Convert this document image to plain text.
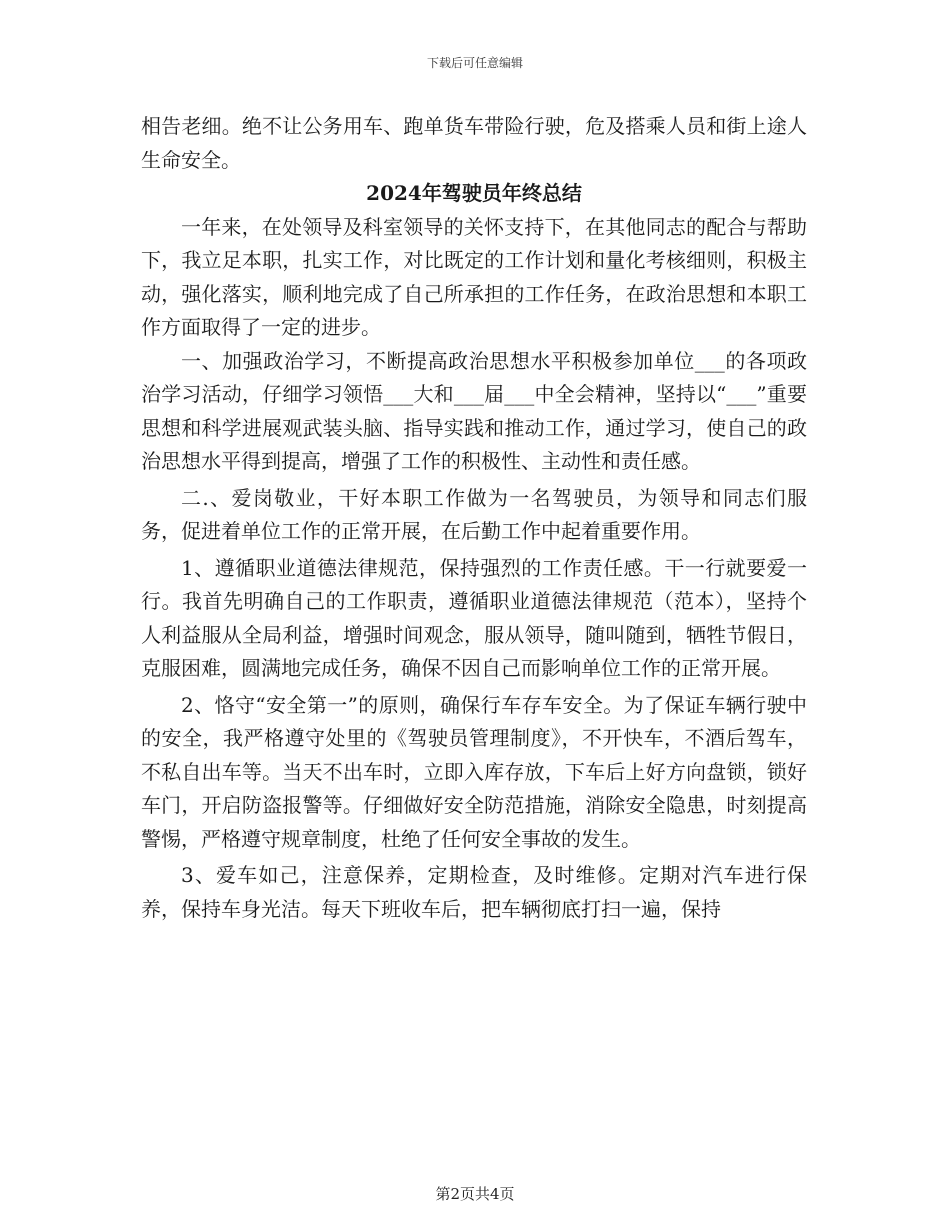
下载后可任意编辑

相告老细。绝不让公务用车、跑单货车带险行驶，危及搭乘人员和街上途人生命安全。

2024年驾驶员年终总结

一年来，在处领导及科室领导的关怀支持下，在其他同志的配合与帮助下，我立足本职，扎实工作，对比既定的工作计划和量化考核细则，积极主动，强化落实，顺利地完成了自己所承担的工作任务，在政治思想和本职工作方面取得了一定的进步。

一、加强政治学习，不断提高政治思想水平积极参加单位___的各项政治学习活动，仔细学习领悟___大和___届___中全会精神，坚持以“___”重要思想和科学进展观武装头脑、指导实践和推动工作，通过学习，使自己的政治思想水平得到提高，增强了工作的积极性、主动性和责任感。

二.、爱岗敬业，干好本职工作做为一名驾驶员，为领导和同志们服务，促进着单位工作的正常开展，在后勤工作中起着重要作用。

1、遵循职业道德法律规范，保持强烈的工作责任感。干一行就要爱一行。我首先明确自己的工作职责，遵循职业道德法律规范（范本），坚持个人利益服从全局利益，增强时间观念，服从领导，随叫随到，牺牲节假日，克服困难，圆满地完成任务，确保不因自己而影响单位工作的正常开展。

2、恪守“安全第一”的原则，确保行车存车安全。为了保证车辆行驶中的安全，我严格遵守处里的《驾驶员管理制度》，不开快车，不酒后驾车，不私自出车等。当天不出车时，立即入库存放，下车后上好方向盘锁，锁好车门，开启防盗报警等。仔细做好安全防范措施，消除安全隐患，时刻提高警惕，严格遵守规章制度，杜绝了任何安全事故的发生。

3、爱车如己，注意保养，定期检查，及时维修。定期对汽车进行保养，保持车身光洁。每天下班收车后，把车辆彻底打扫一遍，保持

第2页共4页
